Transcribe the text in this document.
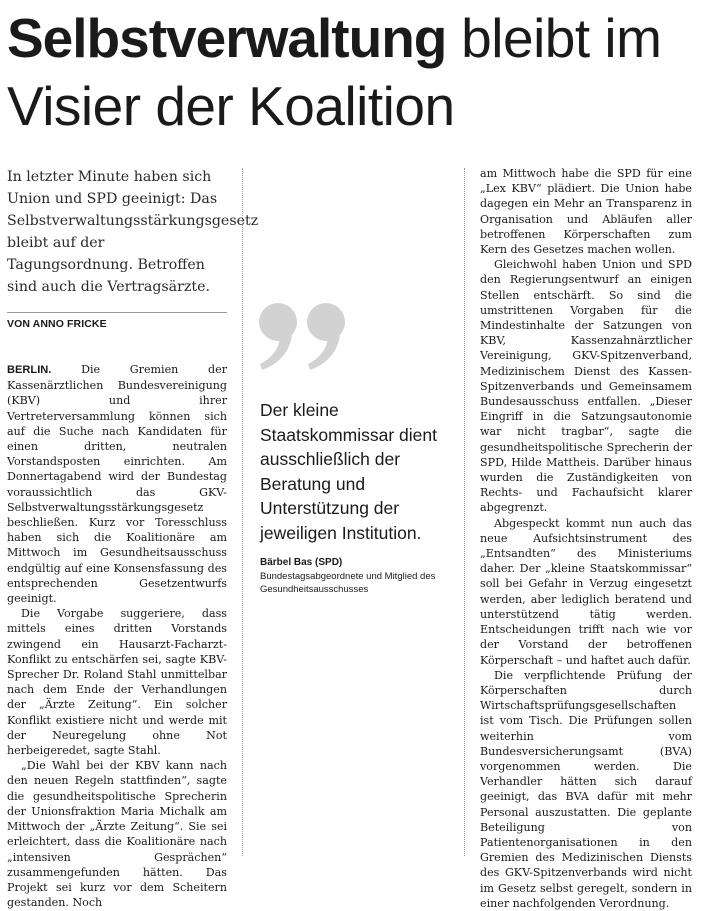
Selbstverwaltung bleibt im Visier der Koalition

In letzter Minute haben sich Union und SPD geeinigt: Das Selbstverwaltungsstärkungsgesetz bleibt auf der Tagungsordnung. Betroffen sind auch die Vertragsärzte.

VON ANNO FRICKE

BERLIN.	Die Gremien der Kassenärztlichen Bundesvereinigung (KBV) und ihrer Vertreterversammlung können sich auf die Suche nach Kandidaten für einen dritten, neutralen Vorstandsposten einrichten. Am Donnertagabend wird der Bundestag voraussichtlich das GKV-Selbstverwaltungsstärkungsgesetz beschließen. Kurz vor Toresschluss haben sich die Koalitionäre am Mittwoch im Gesundheitsausschuss endgültig auf eine Konsensfassung des entsprechenden Gesetzentwurfs geeinigt.

Die Vorgabe suggeriere, dass mittels eines dritten Vorstands zwingend ein Hausarzt-Facharzt-Konflikt zu entschärfen sei, sagte KBV-Sprecher Dr. Roland Stahl unmittelbar nach dem Ende der Verhandlungen der „Ärzte Zeitung“. Ein solcher Konflikt existiere nicht und werde mit der Neuregelung ohne Not herbeigeredet, sagte Stahl.

„Die Wahl bei der KBV kann nach den neuen Regeln stattfinden“, sagte die gesundheitspolitische Sprecherin der Unionsfraktion Maria Michalk am Mittwoch der „Ärzte Zeitung“. Sie sei erleichtert, dass die Koalitionäre nach „intensiven Gesprächen“ zusammengefunden hätten. Das Projekt sei kurz vor dem Scheitern gestanden. Noch

Der kleine Staatskommissar dient ausschließlich der Beratung und Unterstützung der jeweiligen Institution.

Bärbel Bas (SPD)
Bundestagsabgeordnete und Mitglied des Gesundheitsausschusses

am Mittwoch habe die SPD für eine „Lex KBV“ plädiert. Die Union habe dagegen ein Mehr an Transparenz in Organisation und Abläufen aller betroffenen Körperschaften zum Kern des Gesetzes machen wollen.

Gleichwohl haben Union und SPD den Regierungsentwurf an einigen Stellen entschärft. So sind die umstrittenen Vorgaben für die Mindestinhalte der Satzungen von KBV, Kassenzahnärztlicher Vereinigung, GKV-Spitzenverband, Medizinischem Dienst des Kassen-Spitzenverbands und Gemeinsamem Bundesausschuss entfallen. „Dieser Eingriff in die Satzungsautonomie war nicht tragbar“, sagte die gesundheitspolitische Sprecherin der SPD, Hilde Mattheis. Darüber hinaus wurden die Zuständigkeiten von Rechts- und Fachaufsicht klarer abgegrenzt.

Abgespeckt kommt nun auch das neue Aufsichtsinstrument des „Entsandten“ des Ministeriums daher. Der „kleine Staatskommissar“ soll bei Gefahr in Verzug eingesetzt werden, aber lediglich beratend und unterstützend tätig werden. Entscheidungen trifft nach wie vor der Vorstand der betroffenen Körperschaft – und haftet auch dafür.

Die verpflichtende Prüfung der Körperschaften durch Wirtschaftsprüfungsgesellschaften ist vom Tisch. Die Prüfungen sollen weiterhin vom Bundesversicherungsamt (BVA) vorgenommen werden. Die Verhandler hätten sich darauf geeinigt, das BVA dafür mit mehr Personal auszustatten. Die geplante Beteiligung von Patientenorganisationen in den Gremien des Medizinischen Diensts des GKV-Spitzenverbands wird nicht im Gesetz selbst geregelt, sondern in einer nachfolgenden Verordnung.
